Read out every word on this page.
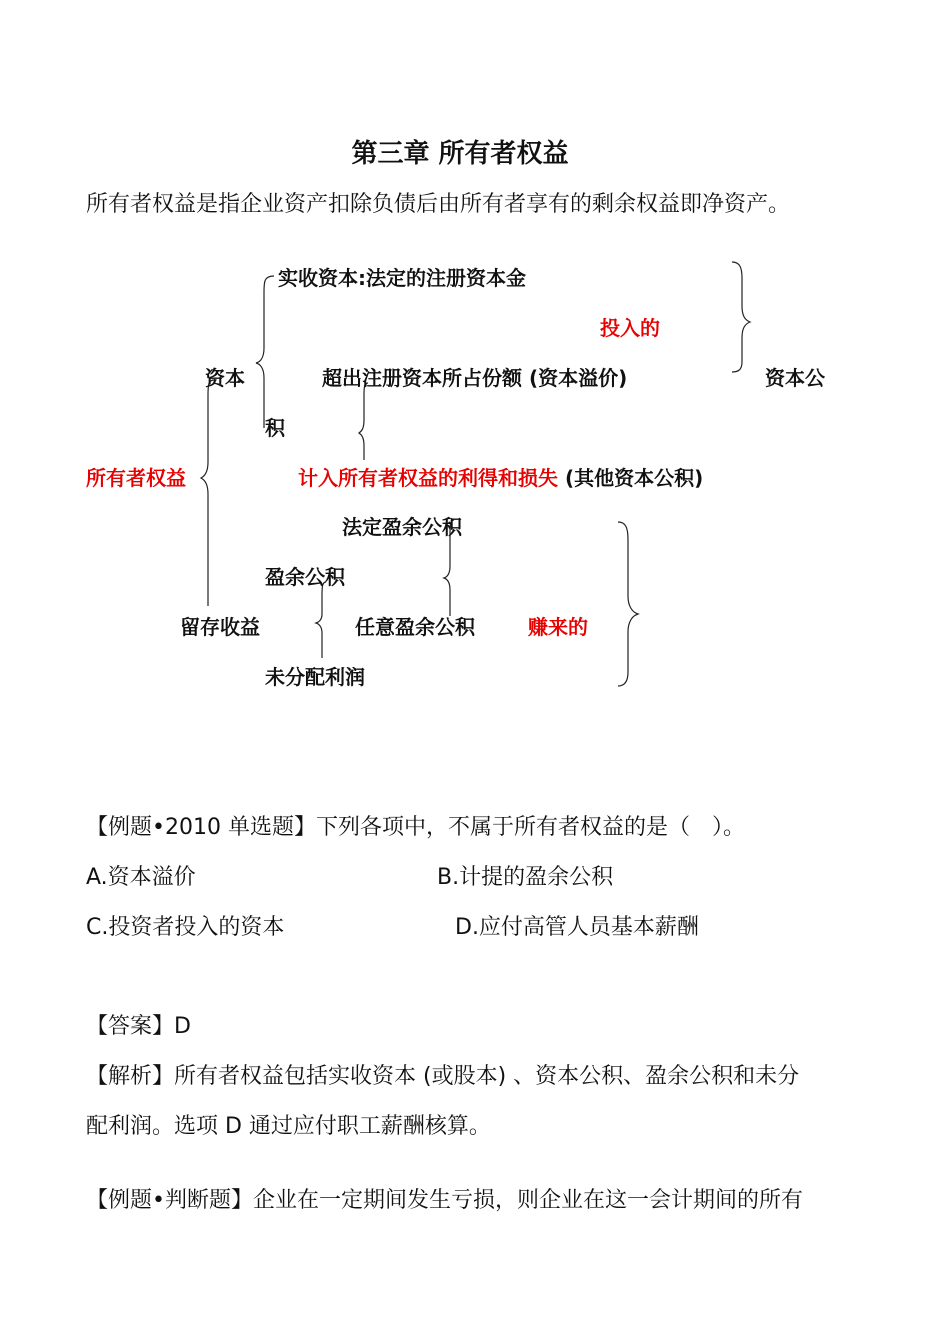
第三章 所有者权益
所有者权益是指企业资产扣除负债后由所有者享有的剩余权益即净资产。
实收资本:法定的注册资本金
投入的
资本	超出注册资本所占份额 (资本溢价)	资本公
积
所有者权益	计入所有者权益的利得和损失 (其他资本公积)
法定盈余公积
盈余公积
留存收益	任意盈余公积	赚来的
未分配利润
【例题•2010 单选题】下列各项中，不属于所有者权益的是（　）。
A.资本溢价	B.计提的盈余公积
C.投资者投入的资本	D.应付高管人员基本薪酬
【答案】D
【解析】所有者权益包括实收资本 (或股本) 、资本公积、盈余公积和未分
配利润。选项 D 通过应付职工薪酬核算。
【例题•判断题】企业在一定期间发生亏损，则企业在这一会计期间的所有
